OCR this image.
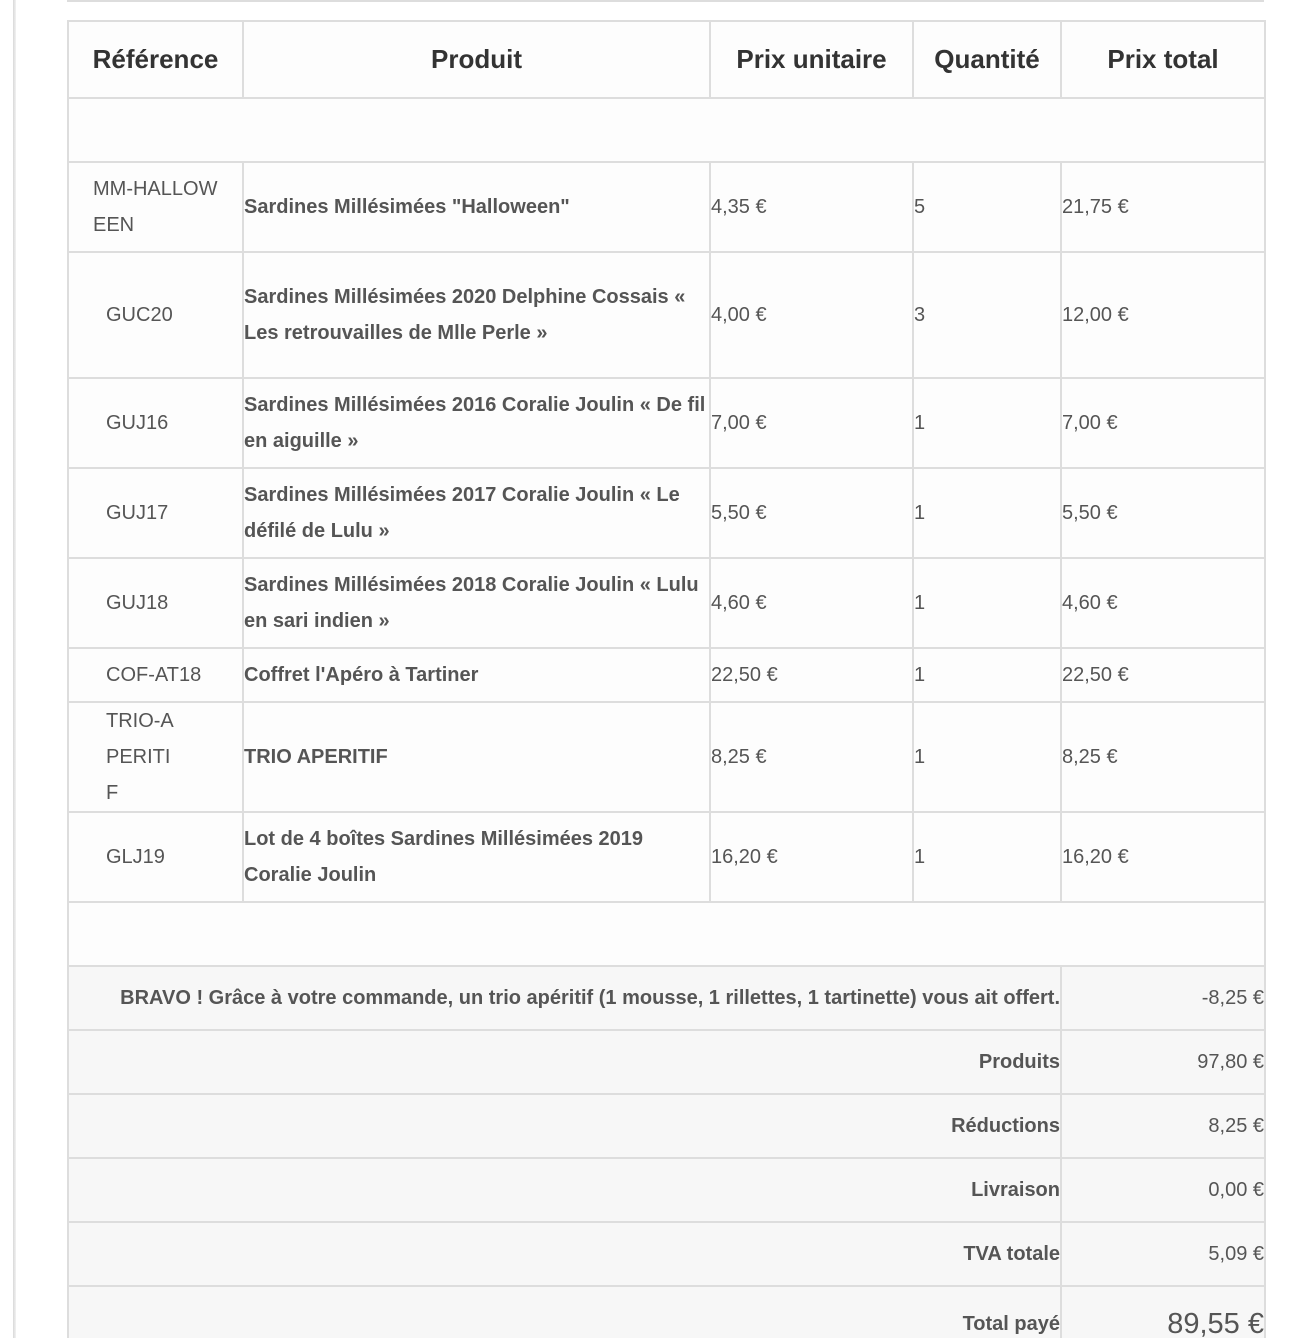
Référence	Produit	Prix unitaire	Quantité	Prix total

MM-HALLOWEEN	Sardines Millésimées "Halloween"	4,35 €	5	21,75 €
GUC20	Sardines Millésimées 2020 Delphine Cossais « Les retrouvailles de Mlle Perle »	4,00 €	3	12,00 €
GUJ16	Sardines Millésimées 2016 Coralie Joulin « De fil en aiguille »	7,00 €	1	7,00 €
GUJ17	Sardines Millésimées 2017 Coralie Joulin « Le défilé de Lulu »	5,50 €	1	5,50 €
GUJ18	Sardines Millésimées 2018 Coralie Joulin « Lulu en sari indien »	4,60 €	1	4,60 €
COF-AT18	Coffret l'Apéro à Tartiner	22,50 €	1	22,50 €

TRIO-APERITIF	TRIO APERITIF	8,25 €	1	8,25 €
GLJ19	Lot de 4 boîtes Sardines Millésimées 2019 Coralie Joulin	16,20 €	1	16,20 €

BRAVO ! Grâce à votre commande, un trio apéritif (1 mousse, 1 rillettes, 1 tartinette) vous ait offert.				-8,25 €
Produits				97,80 €
Réductions				8,25 €
Livraison				0,00 €
TVA totale				5,09 €
Total payé				89,55 €
